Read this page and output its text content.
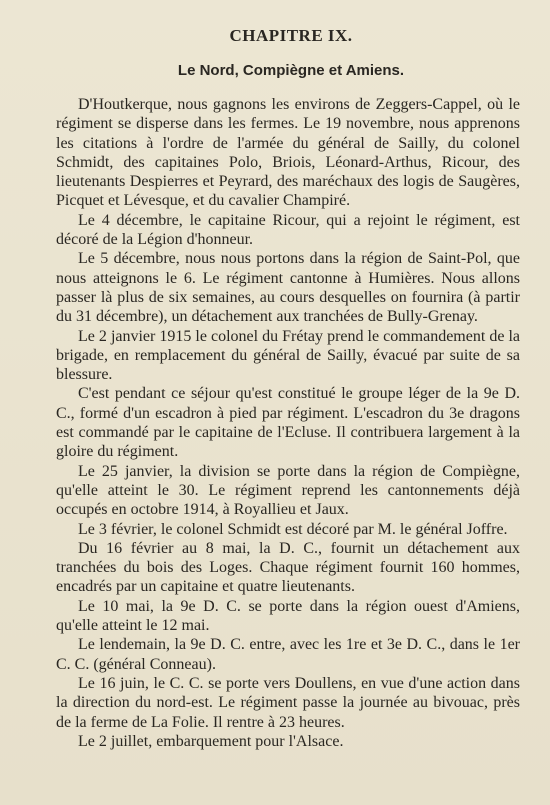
CHAPITRE IX.
Le Nord, Compiègne et Amiens.

D'Houtkerque, nous gagnons les environs de Zeggers-Cappel, où le régiment se disperse dans les fermes. Le 19 novembre, nous apprenons les citations à l'ordre de l'armée du général de Sailly, du colonel Schmidt, des capitaines Polo, Briois, Léonard-Arthus, Ricour, des lieutenants Despierres et Peyrard, des maréchaux des logis de Saugères, Picquet et Lévesque, et du cavalier Champiré.

Le 4 décembre, le capitaine Ricour, qui a rejoint le régiment, est décoré de la Légion d'honneur.

Le 5 décembre, nous nous portons dans la région de Saint-Pol, que nous atteignons le 6. Le régiment cantonne à Humières. Nous allons passer là plus de six semaines, au cours desquelles on fournira (à partir du 31 décembre), un détachement aux tranchées de Bully-Grenay.

Le 2 janvier 1915 le colonel du Frétay prend le commandement de la brigade, en remplacement du général de Sailly, évacué par suite de sa blessure.

C'est pendant ce séjour qu'est constitué le groupe léger de la 9e D. C., formé d'un escadron à pied par régiment. L'escadron du 3e dragons est commandé par le capitaine de l'Ecluse. Il contribuera largement à la gloire du régiment.

Le 25 janvier, la division se porte dans la région de Compiègne, qu'elle atteint le 30. Le régiment reprend les cantonnements déjà occupés en octobre 1914, à Royallieu et Jaux.

Le 3 février, le colonel Schmidt est décoré par M. le général Joffre.

Du 16 février au 8 mai, la D. C., fournit un détachement aux tranchées du bois des Loges. Chaque régiment fournit 160 hommes, encadrés par un capitaine et quatre lieutenants.

Le 10 mai, la 9e D. C. se porte dans la région ouest d'Amiens, qu'elle atteint le 12 mai.

Le lendemain, la 9e D. C. entre, avec les 1re et 3e D. C., dans le 1er C. C. (général Conneau).

Le 16 juin, le C. C. se porte vers Doullens, en vue d'une action dans la direction du nord-est. Le régiment passe la journée au bivouac, près de la ferme de La Folie. Il rentre à 23 heures.

Le 2 juillet, embarquement pour l'Alsace.
